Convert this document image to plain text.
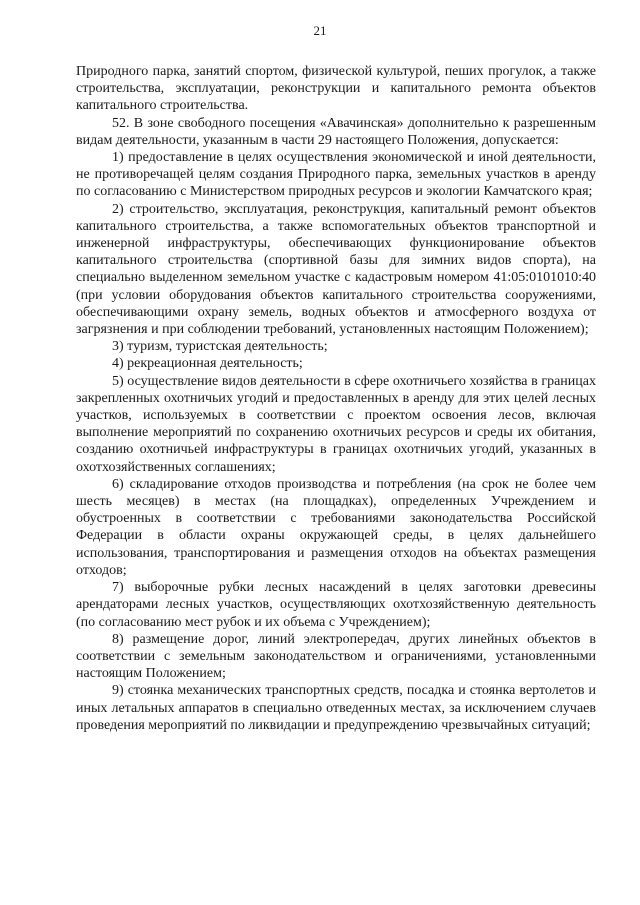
21

Природного парка, занятий спортом, физической культурой, пеших прогулок, а также строительства, эксплуатации, реконструкции и капитального ремонта объектов капитального строительства.

52. В зоне свободного посещения «Авачинская» дополнительно к разрешенным видам деятельности, указанным в части 29 настоящего Положения, допускается:

1) предоставление в целях осуществления экономической и иной деятельности, не противоречащей целям создания Природного парка, земельных участков в аренду по согласованию с Министерством природных ресурсов и экологии Камчатского края;

2) строительство, эксплуатация, реконструкция, капитальный ремонт объектов капитального строительства, а также вспомогательных объектов транспортной и инженерной инфраструктуры, обеспечивающих функционирование объектов капитального строительства (спортивной базы для зимних видов спорта), на специально выделенном земельном участке с кадастровым номером 41:05:0101010:40 (при условии оборудования объектов капитального строительства сооружениями, обеспечивающими охрану земель, водных объектов и атмосферного воздуха от загрязнения и при соблюдении требований, установленных настоящим Положением);

3) туризм, туристская деятельность;

4) рекреационная деятельность;

5) осуществление видов деятельности в сфере охотничьего хозяйства в границах закрепленных охотничьих угодий и предоставленных в аренду для этих целей лесных участков, используемых в соответствии с проектом освоения лесов, включая выполнение мероприятий по сохранению охотничьих ресурсов и среды их обитания, созданию охотничьей инфраструктуры в границах охотничьих угодий, указанных в охотхозяйственных соглашениях;

6) складирование отходов производства и потребления (на срок не более чем шесть месяцев) в местах (на площадках), определенных Учреждением и обустроенных в соответствии с требованиями законодательства Российской Федерации в области охраны окружающей среды, в целях дальнейшего использования, транспортирования и размещения отходов на объектах размещения отходов;

7) выборочные рубки лесных насаждений в целях заготовки древесины арендаторами лесных участков, осуществляющих охотхозяйственную деятельность (по согласованию мест рубок и их объема с Учреждением);

8) размещение дорог, линий электропередач, других линейных объектов в соответствии с земельным законодательством и ограничениями, установленными настоящим Положением;

9) стоянка механических транспортных средств, посадка и стоянка вертолетов и иных летальных аппаратов в специально отведенных местах, за исключением случаев проведения мероприятий по ликвидации и предупреждению чрезвычайных ситуаций;
